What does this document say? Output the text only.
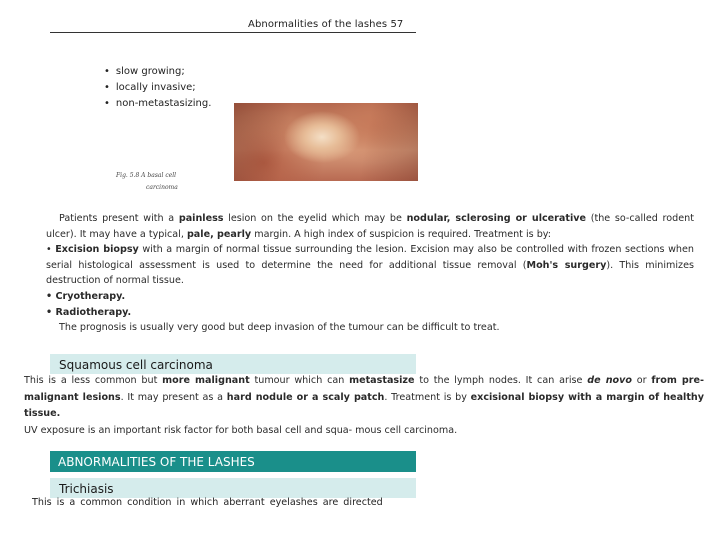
Abnormalities of the lashes 57
• slow growing;
• locally invasive;
• non-metastasizing.
Fig. 5.8 A basal cell
carcinoma
Patients present with a painless lesion on the eyelid which may be nodular, sclerosing or ulcerative (the so-called rodent ulcer). It may have a typical, pale, pearly margin. A high index of suspicion is required. Treatment is by:
• Excision biopsy with a margin of normal tissue surrounding the lesion. Excision may also be controlled with frozen sections when serial histological assessment is used to determine the need for additional tissue removal (Moh's surgery). This minimizes destruction of normal tissue.
• Cryotherapy.
• Radiotherapy.
The prognosis is usually very good but deep invasion of the tumour can be difficult to treat.
Squamous cell carcinoma
This is a less common but more malignant tumour which can metastasize to the lymph nodes. It can arise de novo or from pre-malignant lesions. It may present as a hard nodule or a scaly patch. Treatment is by excisional biopsy with a margin of healthy tissue.
UV exposure is an important risk factor for both basal cell and squa- mous cell carcinoma.
ABNORMALITIES OF THE LASHES
Trichiasis
This is a common condition in which aberrant eyelashes are directed
